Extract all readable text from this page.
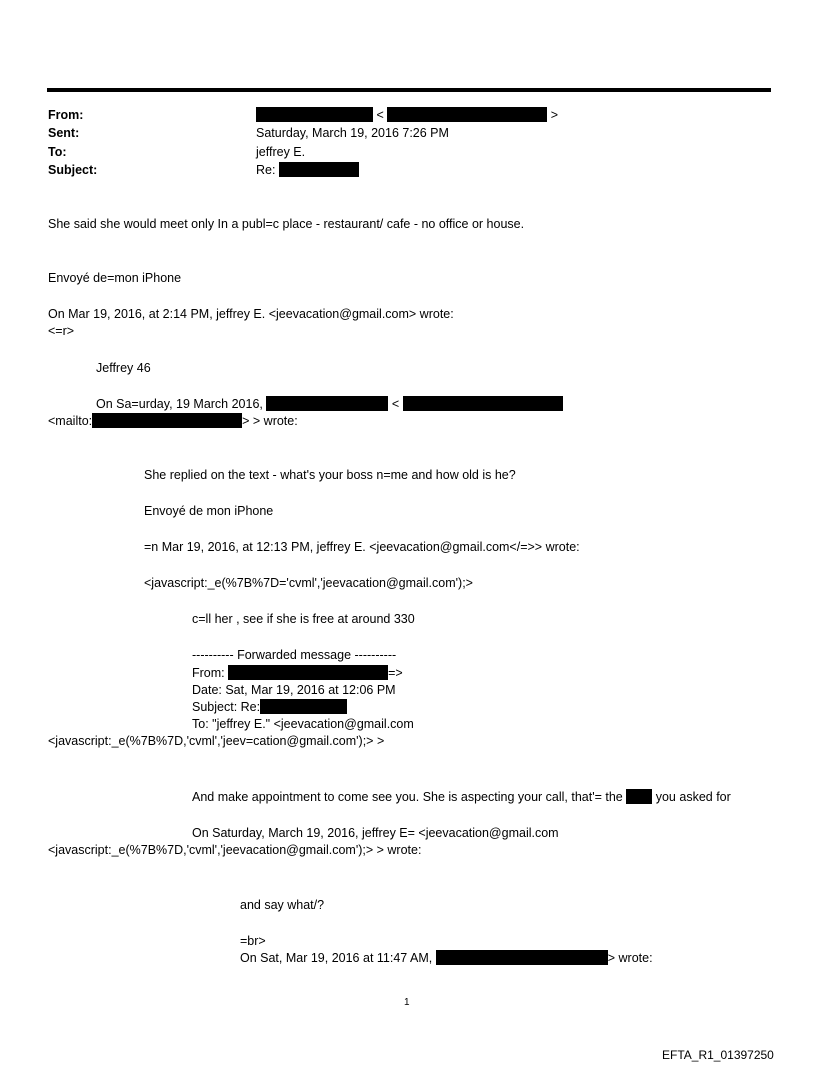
From:	<	>
Sent:	Saturday, March 19, 2016 7:26 PM
To:	jeffrey E.
Subject:	Re:
She said she would meet only In a publ=c place - restaurant/ cafe - no office or house.
Envoyé de=mon iPhone
On Mar 19, 2016, at 2:14 PM, jeffrey E. <jeevacation@gmail.com> wrote:
<=r>
Jeffrey 46
On Sa=urday, 19 March 2016,	<
<mailto:	> > wrote:
She replied on the text - what's your boss n=me and how old is he?
Envoyé de mon iPhone
=n Mar 19, 2016, at 12:13 PM, jeffrey E. <jeevacation@gmail.com</=>> wrote:
<javascript:_e(%7B%7D='cvml','jeevacation@gmail.com');>
c=ll her , see if she is free at around 330
---------- Forwarded message ----------
From:	=>
Date: Sat, Mar 19, 2016 at 12:06 PM
Subject: Re:
To: "jeffrey E." <jeevacation@gmail.com
<javascript:_e(%7B%7D,'cvml','jeev=cation@gmail.com');> >
And make appointment to come see you. She is aspecting your call, that'= the	you asked for
On Saturday, March 19, 2016, jeffrey E= <jeevacation@gmail.com
<javascript:_e(%7B%7D,'cvml','jeevacation@gmail.com');> > wrote:
and say what/?
=br>
On Sat, Mar 19, 2016 at 11:47 AM,	> wrote:
1
EFTA_R1_01397250
